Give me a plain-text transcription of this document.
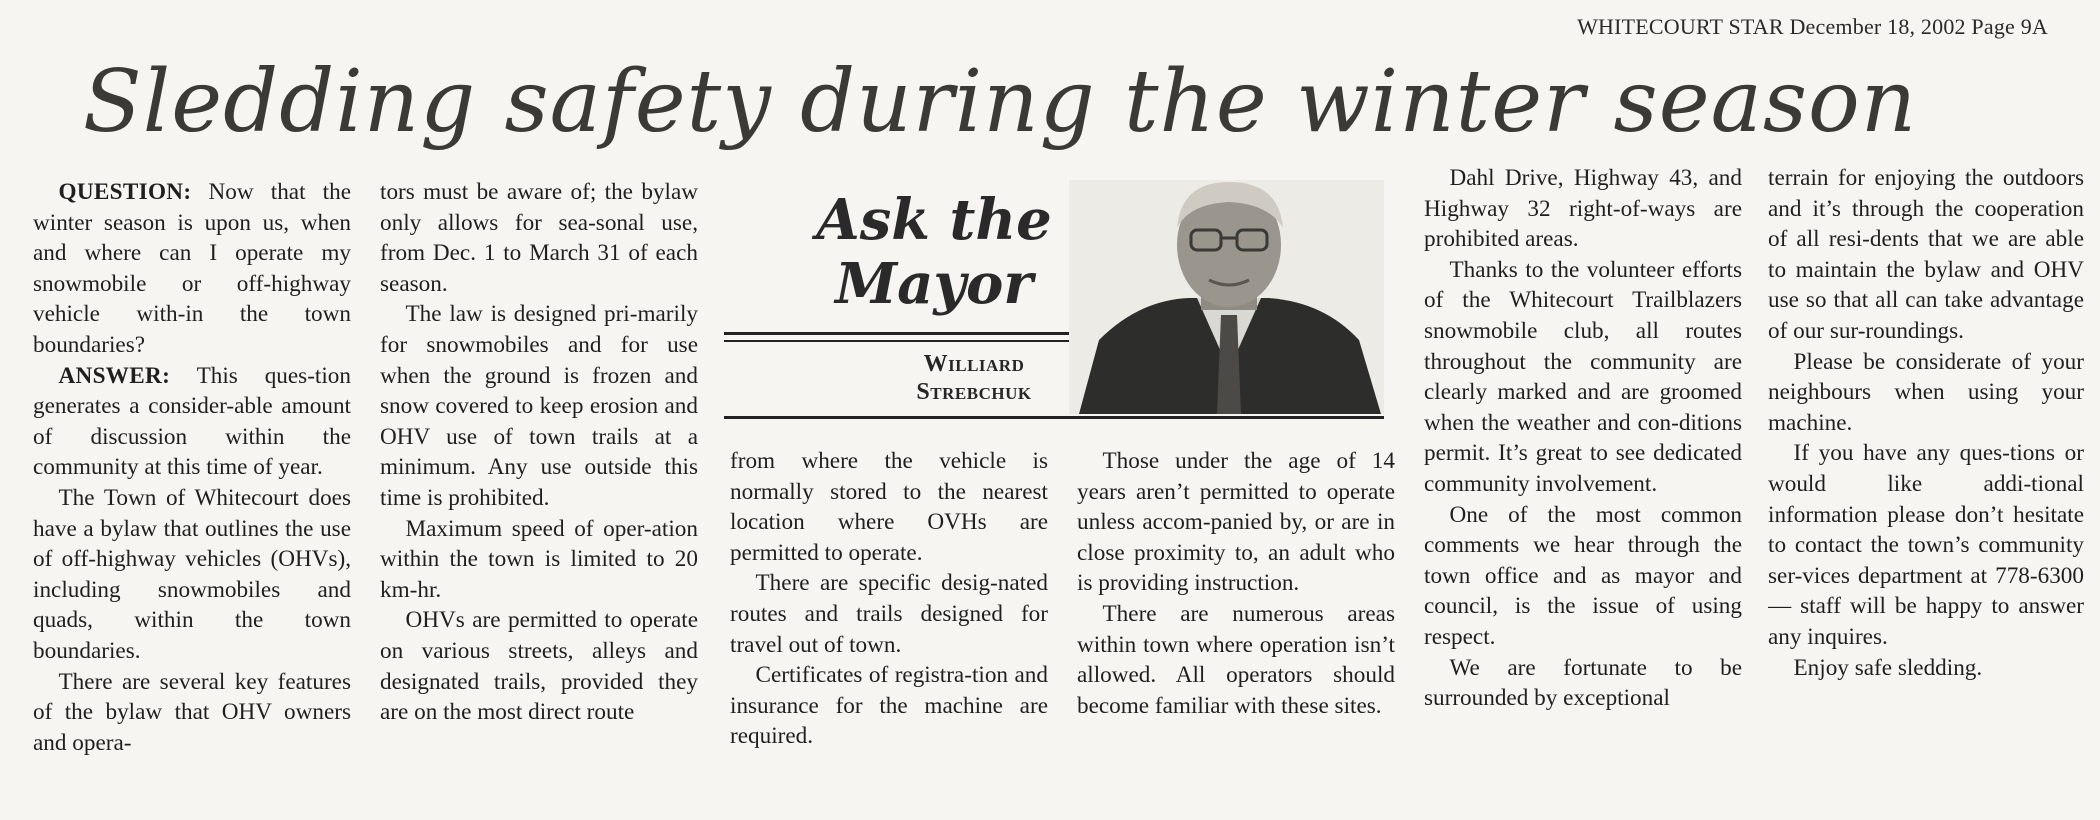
WHITECOURT STAR December 18, 2002 Page 9A
Sledding safety during the winter season

QUESTION: Now that the winter season is upon us, when and where can I operate my snowmobile or off-highway vehicle with-in the town boundaries?

ANSWER: This ques-tion generates a consider-able amount of discussion within the community at this time of year.

The Town of Whitecourt does have a bylaw that outlines the use of off-highway vehicles (OHVs), including snowmobiles and quads, within the town boundaries.

There are several key features of the bylaw that OHV owners and opera-

tors must be aware of; the bylaw only allows for sea-sonal use, from Dec. 1 to March 31 of each season.

The law is designed pri-marily for snowmobiles and for use when the ground is frozen and snow covered to keep erosion and OHV use of town trails at a minimum. Any use outside this time is prohibited.

Maximum speed of oper-ation within the town is limited to 20 km-hr.

OHVs are permitted to operate on various streets, alleys and designated trails, provided they are on the most direct route

Ask the
Mayor
Williard
Strebchuk

from where the vehicle is normally stored to the nearest location where OVHs are permitted to operate.

There are specific desig-nated routes and trails designed for travel out of town.

Certificates of registra-tion and insurance for the machine are required.

Those under the age of 14 years aren’t permitted to operate unless accom-panied by, or are in close proximity to, an adult who is providing instruction.

There are numerous areas within town where operation isn’t allowed. All operators should become familiar with these sites.

Dahl Drive, Highway 43, and Highway 32 right-of-ways are prohibited areas.

Thanks to the volunteer efforts of the Whitecourt Trailblazers snowmobile club, all routes throughout the community are clearly marked and are groomed when the weather and con-ditions permit. It’s great to see dedicated community involvement.

One of the most common comments we hear through the town office and as mayor and council, is the issue of using respect.

We are fortunate to be surrounded by exceptional

terrain for enjoying the outdoors and it’s through the cooperation of all resi-dents that we are able to maintain the bylaw and OHV use so that all can take advantage of our sur-roundings.

Please be considerate of your neighbours when using your machine.

If you have any ques-tions or would like addi-tional information please don’t hesitate to contact the town’s community ser-vices department at 778-6300 –– staff will be happy to answer any inquires.

Enjoy safe sledding.
